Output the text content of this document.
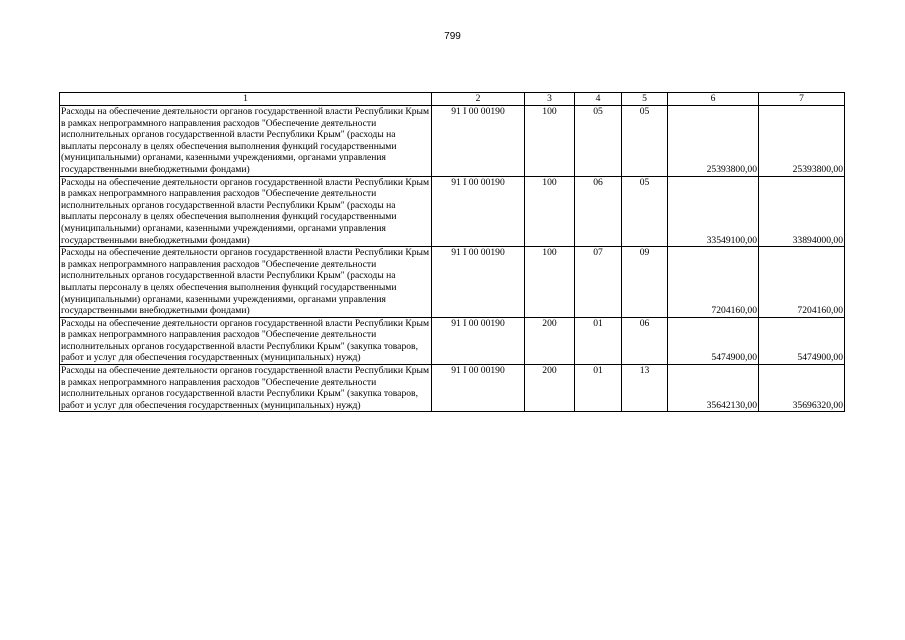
799
1	2	3	4	5	6	7
Расходы на обеспечение деятельности органов государственной власти Республики Крым в рамках непрограммного направления расходов "Обеспечение деятельности исполнительных органов государственной власти Республики Крым" (расходы на выплаты персоналу в целях обеспечения выполнения функций государственными (муниципальными) органами, казенными учреждениями, органами управления государственными внебюджетными фондами)	91 I 00 00190	100	05	05	25393800,00	25393800,00
Расходы на обеспечение деятельности органов государственной власти Республики Крым в рамках непрограммного направления расходов "Обеспечение деятельности исполнительных органов государственной власти Республики Крым" (расходы на выплаты персоналу в целях обеспечения выполнения функций государственными (муниципальными) органами, казенными учреждениями, органами управления государственными внебюджетными фондами)	91 I 00 00190	100	06	05	33549100,00	33894000,00
Расходы на обеспечение деятельности органов государственной власти Республики Крым в рамках непрограммного направления расходов "Обеспечение деятельности исполнительных органов государственной власти Республики Крым" (расходы на выплаты персоналу в целях обеспечения выполнения функций государственными (муниципальными) органами, казенными учреждениями, органами управления государственными внебюджетными фондами)	91 I 00 00190	100	07	09	7204160,00	7204160,00
Расходы на обеспечение деятельности органов государственной власти Республики Крым в рамках непрограммного направления расходов "Обеспечение деятельности исполнительных органов государственной власти Республики Крым" (закупка товаров, работ и услуг для обеспечения государственных (муниципальных) нужд)	91 I 00 00190	200	01	06	5474900,00	5474900,00
Расходы на обеспечение деятельности органов государственной власти Республики Крым в рамках непрограммного направления расходов "Обеспечение деятельности исполнительных органов государственной власти Республики Крым" (закупка товаров, работ и услуг для обеспечения государственных (муниципальных) нужд)	91 I 00 00190	200	01	13	35642130,00	35696320,00
